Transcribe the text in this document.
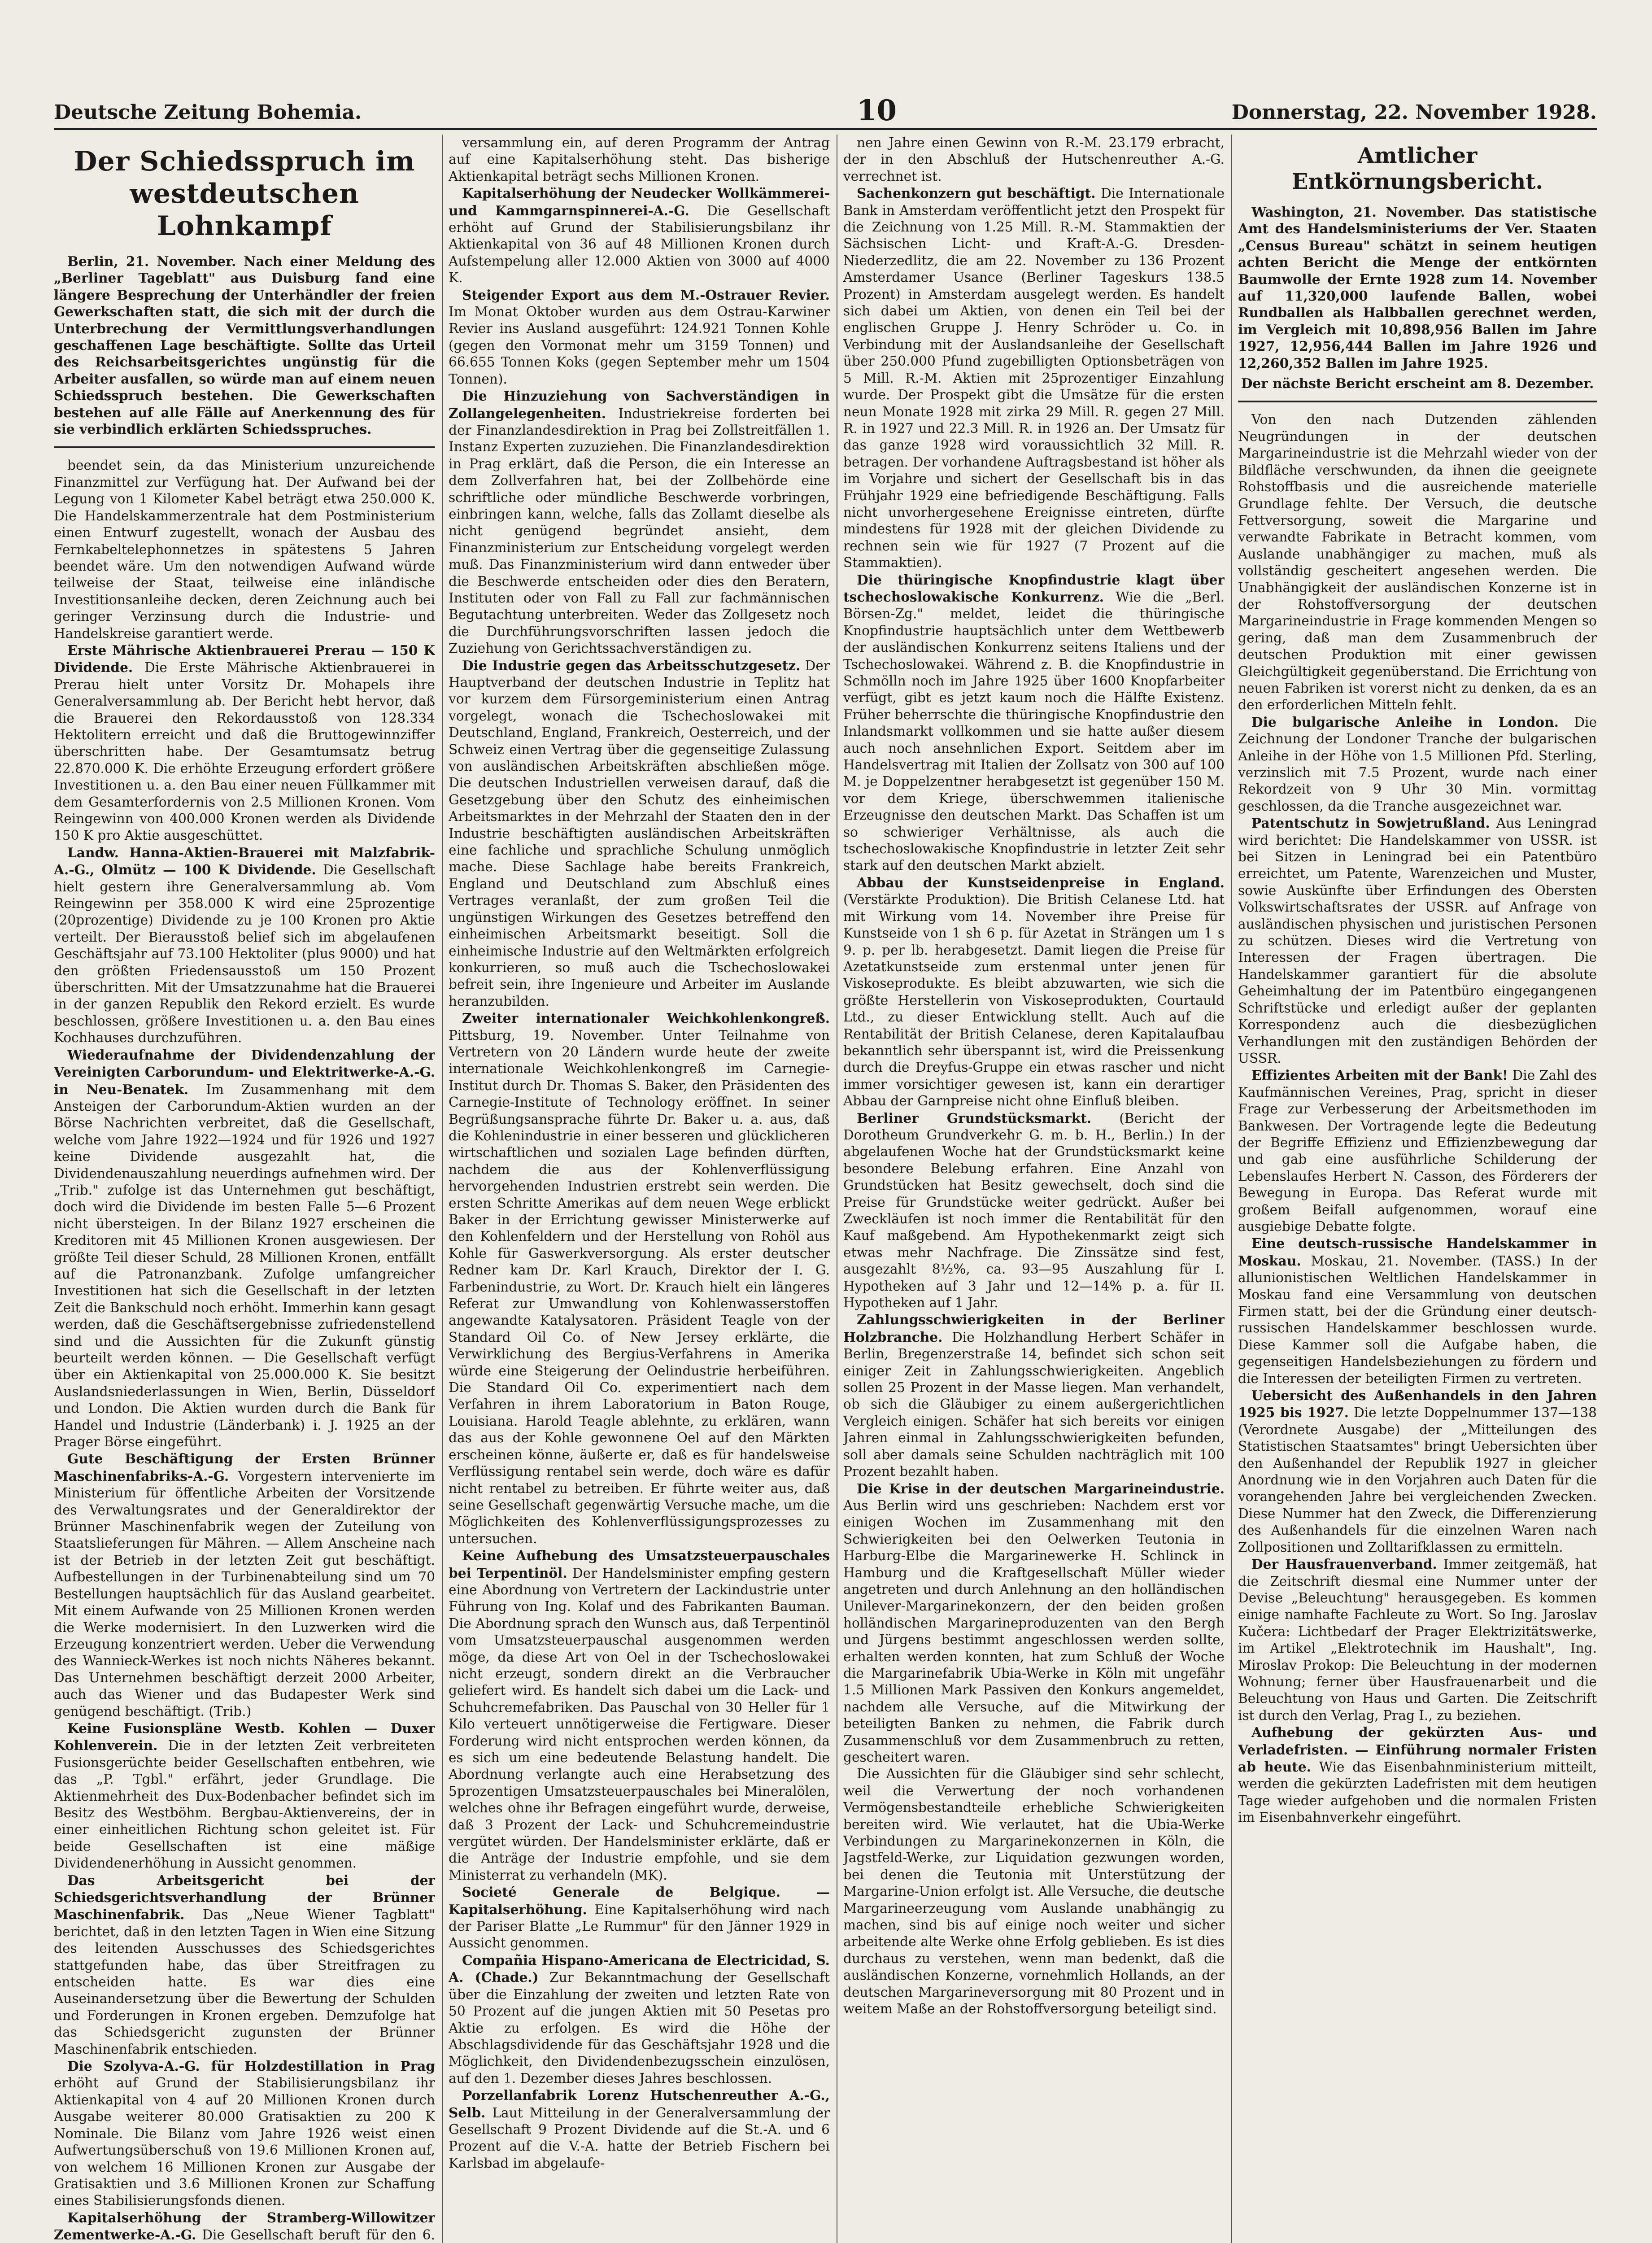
Deutsche Zeitung Bohemia.	10	Donnerstag, 22. November 1928.
Der Schiedsspruch im westdeutschen Lohnkampf

Berlin, 21. November. Nach einer Meldung des „Berliner Tageblatt" aus Duisburg fand eine längere Besprechung der Unterhändler der freien Gewerkschaften statt, die sich mit der durch die Unterbrechung der Vermittlungsverhandlungen geschaffenen Lage beschäftigte. Sollte das Urteil des Reichsarbeitsgerichtes ungünstig für die Arbeiter ausfallen, so würde man auf einem neuen Schiedsspruch bestehen. Die Gewerkschaften bestehen auf alle Fälle auf Anerkennung des für sie verbindlich erklärten Schiedsspruches.

beendet sein, da das Ministerium unzureichende Finanzmittel zur Verfügung hat. Der Aufwand bei der Legung von 1 Kilometer Kabel beträgt etwa 250.000 K. Die Handelskammerzentrale hat dem Postministerium einen Entwurf zugestellt, wonach der Ausbau des Fernkabeltelephonnetzes in spätestens 5 Jahren beendet wäre. Um den notwendigen Aufwand würde teilweise der Staat, teilweise eine inländische Investitionsanleihe decken, deren Zeichnung auch bei geringer Verzinsung durch die Industrie- und Handelskreise garantiert werde.

Erste Mährische Aktienbrauerei Prerau — 150 K Dividende. Die Erste Mährische Aktienbrauerei in Prerau hielt unter Vorsitz Dr. Mohapels ihre Generalversammlung ab. Der Bericht hebt hervor, daß die Brauerei den Rekordausstoß von 128.334 Hektolitern erreicht und daß die Bruttogewinnziffer überschritten habe. Der Gesamtumsatz betrug 22.870.000 K. Die erhöhte Erzeugung erfordert größere Investitionen u. a. den Bau einer neuen Füllkammer mit dem Gesamterfordernis von 2.5 Millionen Kronen. Vom Reingewinn von 400.000 Kronen werden als Dividende 150 K pro Aktie ausgeschüttet.

Landw. Hanna-Aktien-Brauerei mit Malzfabrik-A.-G., Olmütz — 100 K Dividende. Die Gesellschaft hielt gestern ihre Generalversammlung ab. Vom Reingewinn per 358.000 K wird eine 25prozentige (20prozentige) Dividende zu je 100 Kronen pro Aktie verteilt. Der Bierausstoß belief sich im abgelaufenen Geschäftsjahr auf 73.100 Hektoliter (plus 9000) und hat den größten Friedensausstoß um 150 Prozent überschritten. Mit der Umsatzzunahme hat die Brauerei in der ganzen Republik den Rekord erzielt. Es wurde beschlossen, größere Investitionen u. a. den Bau eines Kochhauses durchzuführen.

Wiederaufnahme der Dividendenzahlung der Vereinigten Carborundum- und Elektritwerke-A.-G. in Neu-Benatek. Im Zusammenhang mit dem Ansteigen der Carborundum-Aktien wurden an der Börse Nachrichten verbreitet, daß die Gesellschaft, welche vom Jahre 1922—1924 und für 1926 und 1927 keine Dividende ausgezahlt hat, die Dividendenauszahlung neuerdings aufnehmen wird. Der „Trib." zufolge ist das Unternehmen gut beschäftigt, doch wird die Dividende im besten Falle 5—6 Prozent nicht übersteigen. In der Bilanz 1927 erscheinen die Kreditoren mit 45 Millionen Kronen ausgewiesen. Der größte Teil dieser Schuld, 28 Millionen Kronen, entfällt auf die Patronanzbank. Zufolge umfangreicher Investitionen hat sich die Gesellschaft in der letzten Zeit die Bankschuld noch erhöht. Immerhin kann gesagt werden, daß die Geschäftsergebnisse zufriedenstellend sind und die Aussichten für die Zukunft günstig beurteilt werden können. — Die Gesellschaft verfügt über ein Aktienkapital von 25.000.000 K. Sie besitzt Auslandsniederlassungen in Wien, Berlin, Düsseldorf und London. Die Aktien wurden durch die Bank für Handel und Industrie (Länderbank) i. J. 1925 an der Prager Börse eingeführt.

Gute Beschäftigung der Ersten Brünner Maschinenfabriks-A.-G. Vorgestern intervenierte im Ministerium für öffentliche Arbeiten der Vorsitzende des Verwaltungsrates und der Generaldirektor der Brünner Maschinenfabrik wegen der Zuteilung von Staatslieferungen für Mähren. — Allem Anscheine nach ist der Betrieb in der letzten Zeit gut beschäftigt. Aufbestellungen in der Turbinenabteilung sind um 70 Bestellungen hauptsächlich für das Ausland gearbeitet. Mit einem Aufwande von 25 Millionen Kronen werden die Werke modernisiert. In den Luzwerken wird die Erzeugung konzentriert werden. Ueber die Verwendung des Wannieck-Werkes ist noch nichts Näheres bekannt. Das Unternehmen beschäftigt derzeit 2000 Arbeiter, auch das Wiener und das Budapester Werk sind genügend beschäftigt. (Trib.)

Keine Fusionspläne Westb. Kohlen — Duxer Kohlenverein. Die in der letzten Zeit verbreiteten Fusionsgerüchte beider Gesellschaften entbehren, wie das „P. Tgbl." erfährt, jeder Grundlage. Die Aktienmehrheit des Dux-Bodenbacher befindet sich im Besitz des Westböhm. Bergbau-Aktienvereins, der in einer einheitlichen Richtung schon geleitet ist. Für beide Gesellschaften ist eine mäßige Dividendenerhöhung in Aussicht genommen.

Das Arbeitsgericht bei der Schiedsgerichtsverhandlung der Brünner Maschinenfabrik. Das „Neue Wiener Tagblatt" berichtet, daß in den letzten Tagen in Wien eine Sitzung des leitenden Ausschusses des Schiedsgerichtes stattgefunden habe, das über Streitfragen zu entscheiden hatte. Es war dies eine Auseinandersetzung über die Bewertung der Schulden und Forderungen in Kronen ergeben. Demzufolge hat das Schiedsgericht zugunsten der Brünner Maschinenfabrik entschieden.

Die Szolyva-A.-G. für Holzdestillation in Prag erhöht auf Grund der Stabilisierungsbilanz ihr Aktienkapital von 4 auf 20 Millionen Kronen durch Ausgabe weiterer 80.000 Gratisaktien zu 200 K Nominale. Die Bilanz vom Jahre 1926 weist einen Aufwertungsüberschuß von 19.6 Millionen Kronen auf, von welchem 16 Millionen Kronen zur Ausgabe der Gratisaktien und 3.6 Millionen Kronen zur Schaffung eines Stabilisierungsfonds dienen.

Kapitalserhöhung der Stramberg-Willowitzer Zementwerke-A.-G. Die Gesellschaft beruft für den 6.

versammlung ein, auf deren Programm der Antrag auf eine Kapitalserhöhung steht. Das bisherige Aktienkapital beträgt sechs Millionen Kronen.

Kapitalserhöhung der Neudecker Wollkämmerei- und Kammgarnspinnerei-A.-G. Die Gesellschaft erhöht auf Grund der Stabilisierungsbilanz ihr Aktienkapital von 36 auf 48 Millionen Kronen durch Aufstempelung aller 12.000 Aktien von 3000 auf 4000 K.

Steigender Export aus dem M.-Ostrauer Revier. Im Monat Oktober wurden aus dem Ostrau-Karwiner Revier ins Ausland ausgeführt: 124.921 Tonnen Kohle (gegen den Vormonat mehr um 3159 Tonnen) und 66.655 Tonnen Koks (gegen September mehr um 1504 Tonnen).

Die Hinzuziehung von Sachverständigen in Zollangelegenheiten. Industriekreise forderten bei der Finanzlandesdirektion in Prag bei Zollstreitfällen 1. Instanz Experten zuzuziehen. Die Finanzlandesdirektion in Prag erklärt, daß die Person, die ein Interesse an dem Zollverfahren hat, bei der Zollbehörde eine schriftliche oder mündliche Beschwerde vorbringen, einbringen kann, welche, falls das Zollamt dieselbe als nicht genügend begründet ansieht, dem Finanzministerium zur Entscheidung vorgelegt werden muß. Das Finanzministerium wird dann entweder über die Beschwerde entscheiden oder dies den Beratern, Instituten oder von Fall zu Fall zur fachmännischen Begutachtung unterbreiten. Weder das Zollgesetz noch die Durchführungsvorschriften lassen jedoch die Zuziehung von Gerichtssachverständigen zu.

Die Industrie gegen das Arbeitsschutzgesetz. Der Hauptverband der deutschen Industrie in Teplitz hat vor kurzem dem Fürsorgeministerium einen Antrag vorgelegt, wonach die Tschechoslowakei mit Deutschland, England, Frankreich, Oesterreich, und der Schweiz einen Vertrag über die gegenseitige Zulassung von ausländischen Arbeitskräften abschließen möge. Die deutschen Industriellen verweisen darauf, daß die Gesetzgebung über den Schutz des einheimischen Arbeitsmarktes in der Mehrzahl der Staaten den in der Industrie beschäftigten ausländischen Arbeitskräften eine fachliche und sprachliche Schulung unmöglich mache. Diese Sachlage habe bereits Frankreich, England und Deutschland zum Abschluß eines Vertrages veranlaßt, der zum großen Teil die ungünstigen Wirkungen des Gesetzes betreffend den einheimischen Arbeitsmarkt beseitigt. Soll die einheimische Industrie auf den Weltmärkten erfolgreich konkurrieren, so muß auch die Tschechoslowakei befreit sein, ihre Ingenieure und Arbeiter im Auslande heranzubilden.

Zweiter internationaler Weichkohlenkongreß. Pittsburg, 19. November. Unter Teilnahme von Vertretern von 20 Ländern wurde heute der zweite internationale Weichkohlenkongreß im Carnegie-Institut durch Dr. Thomas S. Baker, den Präsidenten des Carnegie-Institute of Technology eröffnet. In seiner Begrüßungsansprache führte Dr. Baker u. a. aus, daß die Kohlenindustrie in einer besseren und glücklicheren wirtschaftlichen und sozialen Lage befinden dürften, nachdem die aus der Kohlenverflüssigung hervorgehenden Industrien erstrebt sein werden. Die ersten Schritte Amerikas auf dem neuen Wege erblickt Baker in der Errichtung gewisser Ministerwerke auf den Kohlenfeldern und der Herstellung von Rohöl aus Kohle für Gaswerkversorgung. Als erster deutscher Redner kam Dr. Karl Krauch, Direktor der I. G. Farbenindustrie, zu Wort. Dr. Krauch hielt ein längeres Referat zur Umwandlung von Kohlenwasserstoffen angewandte Katalysatoren. Präsident Teagle von der Standard Oil Co. of New Jersey erklärte, die Verwirklichung des Bergius-Verfahrens in Amerika würde eine Steigerung der Oelindustrie herbeiführen. Die Standard Oil Co. experimentiert nach dem Verfahren in ihrem Laboratorium in Baton Rouge, Louisiana. Harold Teagle ablehnte, zu erklären, wann das aus der Kohle gewonnene Oel auf den Märkten erscheinen könne, äußerte er, daß es für handelsweise Verflüssigung rentabel sein werde, doch wäre es dafür nicht rentabel zu betreiben. Er führte weiter aus, daß seine Gesellschaft gegenwärtig Versuche mache, um die Möglichkeiten des Kohlenverflüssigungsprozesses zu untersuchen.

Keine Aufhebung des Umsatzsteuerpauschales bei Terpentinöl. Der Handelsminister empfing gestern eine Abordnung von Vertretern der Lackindustrie unter Führung von Ing. Kolaf und des Fabrikanten Bauman. Die Abordnung sprach den Wunsch aus, daß Terpentinöl vom Umsatzsteuerpauschal ausgenommen werden möge, da diese Art von Oel in der Tschechoslowakei nicht erzeugt, sondern direkt an die Verbraucher geliefert wird. Es handelt sich dabei um die Lack- und Schuhcremefabriken. Das Pauschal von 30 Heller für 1 Kilo verteuert unnötigerweise die Fertigware. Dieser Forderung wird nicht entsprochen werden können, da es sich um eine bedeutende Belastung handelt. Die Abordnung verlangte auch eine Herabsetzung des 5prozentigen Umsatzsteuerpauschales bei Mineralölen, welches ohne ihr Befragen eingeführt wurde, derweise, daß 3 Prozent der Lack- und Schuhcremeindustrie vergütet würden. Der Handelsminister erklärte, daß er die Anträge der Industrie empfohle, und sie dem Ministerrat zu verhandeln (MK).

Societé Generale de Belgique. — Kapitalserhöhung. Eine Kapitalserhöhung wird nach der Pariser Blatte „Le Rummur" für den Jänner 1929 in Aussicht genommen.

Compañia Hispano-Americana de Electricidad, S. A. (Chade.) Zur Bekanntmachung der Gesellschaft über die Einzahlung der zweiten und letzten Rate von 50 Prozent auf die jungen Aktien mit 50 Pesetas pro Aktie zu erfolgen. Es wird die Höhe der Abschlagsdividende für das Geschäftsjahr 1928 und die Möglichkeit, den Dividendenbezugsschein einzulösen, auf den 1. Dezember dieses Jahres beschlossen.

Porzellanfabrik Lorenz Hutschenreuther A.-G., Selb. Laut Mitteilung in der Generalversammlung der Gesellschaft 9 Prozent Dividende auf die St.-A. und 6 Prozent auf die V.-A. hatte der Betrieb Fischern bei Karlsbad im abgelaufe-

nen Jahre einen Gewinn von R.-M. 23.179 erbracht, der in den Abschluß der Hutschenreuther A.-G. verrechnet ist.

Sachenkonzern gut beschäftigt. Die Internationale Bank in Amsterdam veröffentlicht jetzt den Prospekt für die Zeichnung von 1.25 Mill. R.-M. Stammaktien der Sächsischen Licht- und Kraft-A.-G. Dresden-Niederzedlitz, die am 22. November zu 136 Prozent Amsterdamer Usance (Berliner Tageskurs 138.5 Prozent) in Amsterdam ausgelegt werden. Es handelt sich dabei um Aktien, von denen ein Teil bei der englischen Gruppe J. Henry Schröder u. Co. in Verbindung mit der Auslandsanleihe der Gesellschaft über 250.000 Pfund zugebilligten Optionsbeträgen von 5 Mill. R.-M. Aktien mit 25prozentiger Einzahlung wurde. Der Prospekt gibt die Umsätze für die ersten neun Monate 1928 mit zirka 29 Mill. R. gegen 27 Mill. R. in 1927 und 22.3 Mill. R. in 1926 an. Der Umsatz für das ganze 1928 wird voraussichtlich 32 Mill. R. betragen. Der vorhandene Auftragsbestand ist höher als im Vorjahre und sichert der Gesellschaft bis in das Frühjahr 1929 eine befriedigende Beschäftigung. Falls nicht unvorhergesehene Ereignisse eintreten, dürfte mindestens für 1928 mit der gleichen Dividende zu rechnen sein wie für 1927 (7 Prozent auf die Stammaktien).

Die thüringische Knopfindustrie klagt über tschechoslowakische Konkurrenz. Wie die „Berl. Börsen-Zg." meldet, leidet die thüringische Knopfindustrie hauptsächlich unter dem Wettbewerb der ausländischen Konkurrenz seitens Italiens und der Tschechoslowakei. Während z. B. die Knopfindustrie in Schmölln noch im Jahre 1925 über 1600 Knopfarbeiter verfügt, gibt es jetzt kaum noch die Hälfte Existenz. Früher beherrschte die thüringische Knopfindustrie den Inlandsmarkt vollkommen und sie hatte außer diesem auch noch ansehnlichen Export. Seitdem aber im Handelsvertrag mit Italien der Zollsatz von 300 auf 100 M. je Doppelzentner herabgesetzt ist gegenüber 150 M. vor dem Kriege, überschwemmen italienische Erzeugnisse den deutschen Markt. Das Schaffen ist um so schwieriger Verhältnisse, als auch die tschechoslowakische Knopfindustrie in letzter Zeit sehr stark auf den deutschen Markt abzielt.

Abbau der Kunstseidenpreise in England. (Verstärkte Produktion). Die British Celanese Ltd. hat mit Wirkung vom 14. November ihre Preise für Kunstseide von 1 sh 6 p. für Azetat in Strängen um 1 s 9. p. per lb. herabgesetzt. Damit liegen die Preise für Azetatkunstseide zum erstenmal unter jenen für Viskoseprodukte. Es bleibt abzuwarten, wie sich die größte Herstellerin von Viskoseprodukten, Courtauld Ltd., zu dieser Entwicklung stellt. Auch auf die Rentabilität der British Celanese, deren Kapitalaufbau bekanntlich sehr überspannt ist, wird die Preissenkung durch die Dreyfus-Gruppe ein etwas rascher und nicht immer vorsichtiger gewesen ist, kann ein derartiger Abbau der Garnpreise nicht ohne Einfluß bleiben.

Berliner Grundstücksmarkt. (Bericht der Dorotheum Grundverkehr G. m. b. H., Berlin.) In der abgelaufenen Woche hat der Grundstücksmarkt keine besondere Belebung erfahren. Eine Anzahl von Grundstücken hat Besitz gewechselt, doch sind die Preise für Grundstücke weiter gedrückt. Außer bei Zweckläufen ist noch immer die Rentabilität für den Kauf maßgebend. Am Hypothekenmarkt zeigt sich etwas mehr Nachfrage. Die Zinssätze sind fest, ausgezahlt 8½%, ca. 93—95 Auszahlung für I. Hypotheken auf 3 Jahr und 12—14% p. a. für II. Hypotheken auf 1 Jahr.

Zahlungsschwierigkeiten in der Berliner Holzbranche. Die Holzhandlung Herbert Schäfer in Berlin, Bregenzerstraße 14, befindet sich schon seit einiger Zeit in Zahlungsschwierigkeiten. Angeblich sollen 25 Prozent in der Masse liegen. Man verhandelt, ob sich die Gläubiger zu einem außergerichtlichen Vergleich einigen. Schäfer hat sich bereits vor einigen Jahren einmal in Zahlungsschwierigkeiten befunden, soll aber damals seine Schulden nachträglich mit 100 Prozent bezahlt haben.

Die Krise in der deutschen Margarineindustrie. Aus Berlin wird uns geschrieben: Nachdem erst vor einigen Wochen im Zusammenhang mit den Schwierigkeiten bei den Oelwerken Teutonia in Harburg-Elbe die Margarinewerke H. Schlinck in Hamburg und die Kraftgesellschaft Müller wieder angetreten und durch Anlehnung an den holländischen Unilever-Margarinekonzern, der den beiden großen holländischen Margarineproduzenten van den Bergh und Jürgens bestimmt angeschlossen werden sollte, erhalten werden konnten, hat zum Schluß der Woche die Margarinefabrik Ubia-Werke in Köln mit ungefähr 1.5 Millionen Mark Passiven den Konkurs angemeldet, nachdem alle Versuche, auf die Mitwirkung der beteiligten Banken zu nehmen, die Fabrik durch Zusammenschluß vor dem Zusammenbruch zu retten, gescheitert waren.

Die Aussichten für die Gläubiger sind sehr schlecht, weil die Verwertung der noch vorhandenen Vermögensbestandteile erhebliche Schwierigkeiten bereiten wird. Wie verlautet, hat die Ubia-Werke Verbindungen zu Margarinekonzernen in Köln, die Jagstfeld-Werke, zur Liquidation gezwungen worden, bei denen die Teutonia mit Unterstützung der Margarine-Union erfolgt ist. Alle Versuche, die deutsche Margarineerzeugung vom Auslande unabhängig zu machen, sind bis auf einige noch weiter und sicher arbeitende alte Werke ohne Erfolg geblieben. Es ist dies durchaus zu verstehen, wenn man bedenkt, daß die ausländischen Konzerne, vornehmlich Hollands, an der deutschen Margarineversorgung mit 80 Prozent und in weitem Maße an der Rohstoffversorgung beteiligt sind.

Amtlicher Entkörnungsbericht.

Washington, 21. November. Das statistische Amt des Handelsministeriums der Ver. Staaten „Census Bureau" schätzt in seinem heutigen achten Bericht die Menge der entkörnten Baumwolle der Ernte 1928 zum 14. November auf 11,320,000 laufende Ballen, wobei Rundballen als Halbballen gerechnet werden, im Vergleich mit 10,898,956 Ballen im Jahre 1927, 12,956,444 Ballen im Jahre 1926 und 12,260,352 Ballen im Jahre 1925.

Der nächste Bericht erscheint am 8. Dezember.

Von den nach Dutzenden zählenden Neugründungen in der deutschen Margarineindustrie ist die Mehrzahl wieder von der Bildfläche verschwunden, da ihnen die geeignete Rohstoffbasis und die ausreichende materielle Grundlage fehlte. Der Versuch, die deutsche Fettversorgung, soweit die Margarine und verwandte Fabrikate in Betracht kommen, vom Auslande unabhängiger zu machen, muß als vollständig gescheitert angesehen werden. Die Unabhängigkeit der ausländischen Konzerne ist in der Rohstoffversorgung der deutschen Margarineindustrie in Frage kommenden Mengen so gering, daß man dem Zusammenbruch der deutschen Produktion mit einer gewissen Gleichgültigkeit gegenüberstand. Die Errichtung von neuen Fabriken ist vorerst nicht zu denken, da es an den erforderlichen Mitteln fehlt.

Die bulgarische Anleihe in London. Die Zeichnung der Londoner Tranche der bulgarischen Anleihe in der Höhe von 1.5 Millionen Pfd. Sterling, verzinslich mit 7.5 Prozent, wurde nach einer Rekordzeit von 9 Uhr 30 Min. vormittag geschlossen, da die Tranche ausgezeichnet war.

Patentschutz in Sowjetrußland. Aus Leningrad wird berichtet: Die Handelskammer von USSR. ist bei Sitzen in Leningrad bei ein Patentbüro erreichtet, um Patente, Warenzeichen und Muster, sowie Auskünfte über Erfindungen des Obersten Volkswirtschaftsrates der USSR. auf Anfrage von ausländischen physischen und juristischen Personen zu schützen. Dieses wird die Vertretung von Interessen der Fragen übertragen. Die Handelskammer garantiert für die absolute Geheimhaltung der im Patentbüro eingegangenen Schriftstücke und erledigt außer der geplanten Korrespondenz auch die diesbezüglichen Verhandlungen mit den zuständigen Behörden der USSR.

Effizientes Arbeiten mit der Bank! Die Zahl des Kaufmännischen Vereines, Prag, spricht in dieser Frage zur Verbesserung der Arbeitsmethoden im Bankwesen. Der Vortragende legte die Bedeutung der Begriffe Effizienz und Effizienzbewegung dar und gab eine ausführliche Schilderung der Lebenslaufes Herbert N. Casson, des Förderers der Bewegung in Europa. Das Referat wurde mit großem Beifall aufgenommen, worauf eine ausgiebige Debatte folgte.

Eine deutsch-russische Handelskammer in Moskau. Moskau, 21. November. (TASS.) In der allunionistischen Weltlichen Handelskammer in Moskau fand eine Versammlung von deutschen Firmen statt, bei der die Gründung einer deutsch-russischen Handelskammer beschlossen wurde. Diese Kammer soll die Aufgabe haben, die gegenseitigen Handelsbeziehungen zu fördern und die Interessen der beteiligten Firmen zu vertreten.

Uebersicht des Außenhandels in den Jahren 1925 bis 1927. Die letzte Doppelnummer 137—138 (Verordnete Ausgabe) der „Mitteilungen des Statistischen Staatsamtes" bringt Uebersichten über den Außenhandel der Republik 1927 in gleicher Anordnung wie in den Vorjahren auch Daten für die vorangehenden Jahre bei vergleichenden Zwecken. Diese Nummer hat den Zweck, die Differenzierung des Außenhandels für die einzelnen Waren nach Zollpositionen und Zolltarifklassen zu ermitteln.

Der Hausfrauenverband. Immer zeitgemäß, hat die Zeitschrift diesmal eine Nummer unter der Devise „Beleuchtung" herausgegeben. Es kommen einige namhafte Fachleute zu Wort. So Ing. Jaroslav Kučera: Lichtbedarf der Prager Elektrizitätswerke, im Artikel „Elektrotechnik im Haushalt", Ing. Miroslav Prokop: Die Beleuchtung in der modernen Wohnung; ferner über Hausfrauenarbeit und die Beleuchtung von Haus und Garten. Die Zeitschrift ist durch den Verlag, Prag I., zu beziehen.

Aufhebung der gekürzten Aus- und Verladefristen. — Einführung normaler Fristen ab heute. Wie das Eisenbahnministerium mitteilt, werden die gekürzten Ladefristen mit dem heutigen Tage wieder aufgehoben und die normalen Fristen im Eisenbahnverkehr eingeführt.
